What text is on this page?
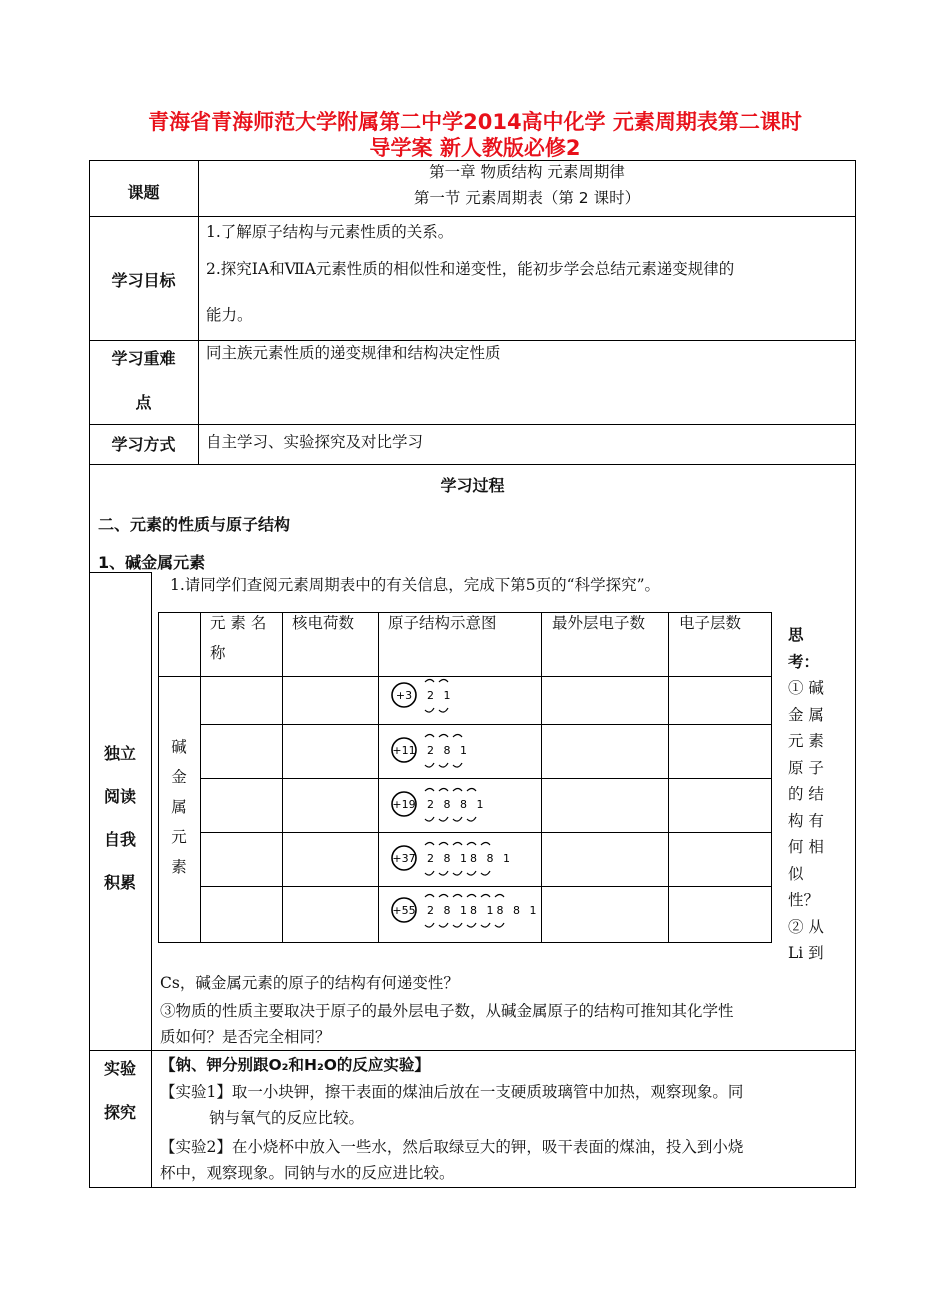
青海省青海师范大学附属第二中学2014高中化学 元素周期表第二课时
导学案 新人教版必修2
课题
第一章 物质结构 元素周期律
第一节 元素周期表（第 2 课时）
学习目标
1.了解原子结构与元素性质的关系。
2.探究ⅠA和ⅦA元素性质的相似性和递变性，能初步学会总结元素递变规律的
能力。
学习重难
点
同主族元素性质的递变规律和结构决定性质
学习方式	自主学习、实验探究及对比学习
学习过程
二、元素的性质与原子结构
1、碱金属元素
独立
阅读
自我
积累
1.请同学们查阅元素周期表中的有关信息，完成下第5页的“科学探究”。
元 素 名
称
核电荷数 原子结构示意图	最外层电子数 电子层数
碱
金
属
元
素
+3 2 1
+11 2 8 1
+19 2 8 8 1
+37 2 8 18 8 1
+55 2 8 18 18 8 1
思
考：
① 碱
金 属
元 素
原 子
的 结
构 有
何 相
似
性？
② 从
Li 到
Cs，碱金属元素的原子的结构有何递变性？
③物质的性质主要取决于原子的最外层电子数，从碱金属原子的结构可推知其化学性
质如何？是否完全相同？
实验
探究
【钠、钾分别跟O₂和H₂O的反应实验】
【实验1】取一小块钾，擦干表面的煤油后放在一支硬质玻璃管中加热，观察现象。同
钠与氧气的反应比较。
【实验2】在小烧杯中放入一些水，然后取绿豆大的钾，吸干表面的煤油，投入到小烧
杯中，观察现象。同钠与水的反应进比较。
